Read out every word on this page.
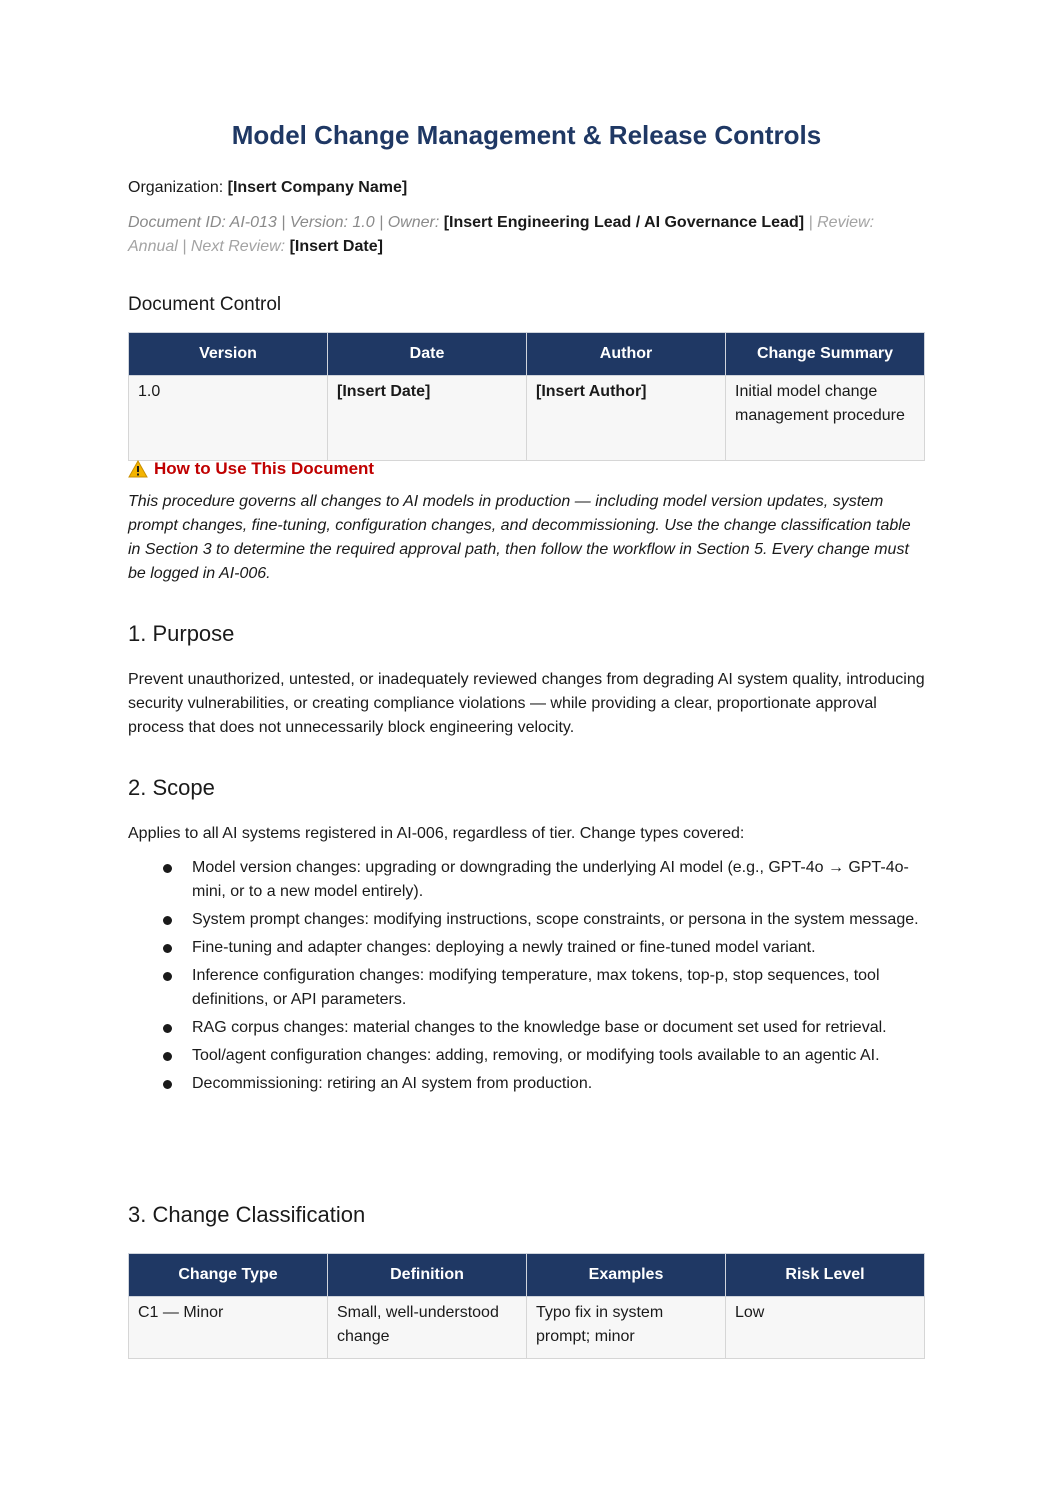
Model Change Management & Release Controls
Organization: [Insert Company Name]
Document ID: AI-013 | Version: 1.0 | Owner: [Insert Engineering Lead / AI Governance Lead] | Review: Annual | Next Review: [Insert Date]
Document Control
Version	Date	Author	Change Summary
1.0	[Insert Date]	[Insert Author]	Initial model change management procedure
How to Use This Document
This procedure governs all changes to AI models in production — including model version updates, system prompt changes, fine-tuning, configuration changes, and decommissioning. Use the change classification table in Section 3 to determine the required approval path, then follow the workflow in Section 5. Every change must be logged in AI-006.
1. Purpose

Prevent unauthorized, untested, or inadequately reviewed changes from degrading AI system quality, introducing security vulnerabilities, or creating compliance violations — while providing a clear, proportionate approval process that does not unnecessarily block engineering velocity.

2. Scope

Applies to all AI systems registered in AI-006, regardless of tier. Change types covered:

Model version changes: upgrading or downgrading the underlying AI model (e.g., GPT-4o → GPT-4o-mini, or to a new model entirely).
System prompt changes: modifying instructions, scope constraints, or persona in the system message.
Fine-tuning and adapter changes: deploying a newly trained or fine-tuned model variant.
Inference configuration changes: modifying temperature, max tokens, top-p, stop sequences, tool definitions, or API parameters.
RAG corpus changes: material changes to the knowledge base or document set used for retrieval.
Tool/agent configuration changes: adding, removing, or modifying tools available to an agentic AI.
Decommissioning: retiring an AI system from production.
3. Change Classification
Change Type	Definition	Examples	Risk Level
C1 — Minor	Small, well-understood change	Typo fix in system prompt; minor	Low
